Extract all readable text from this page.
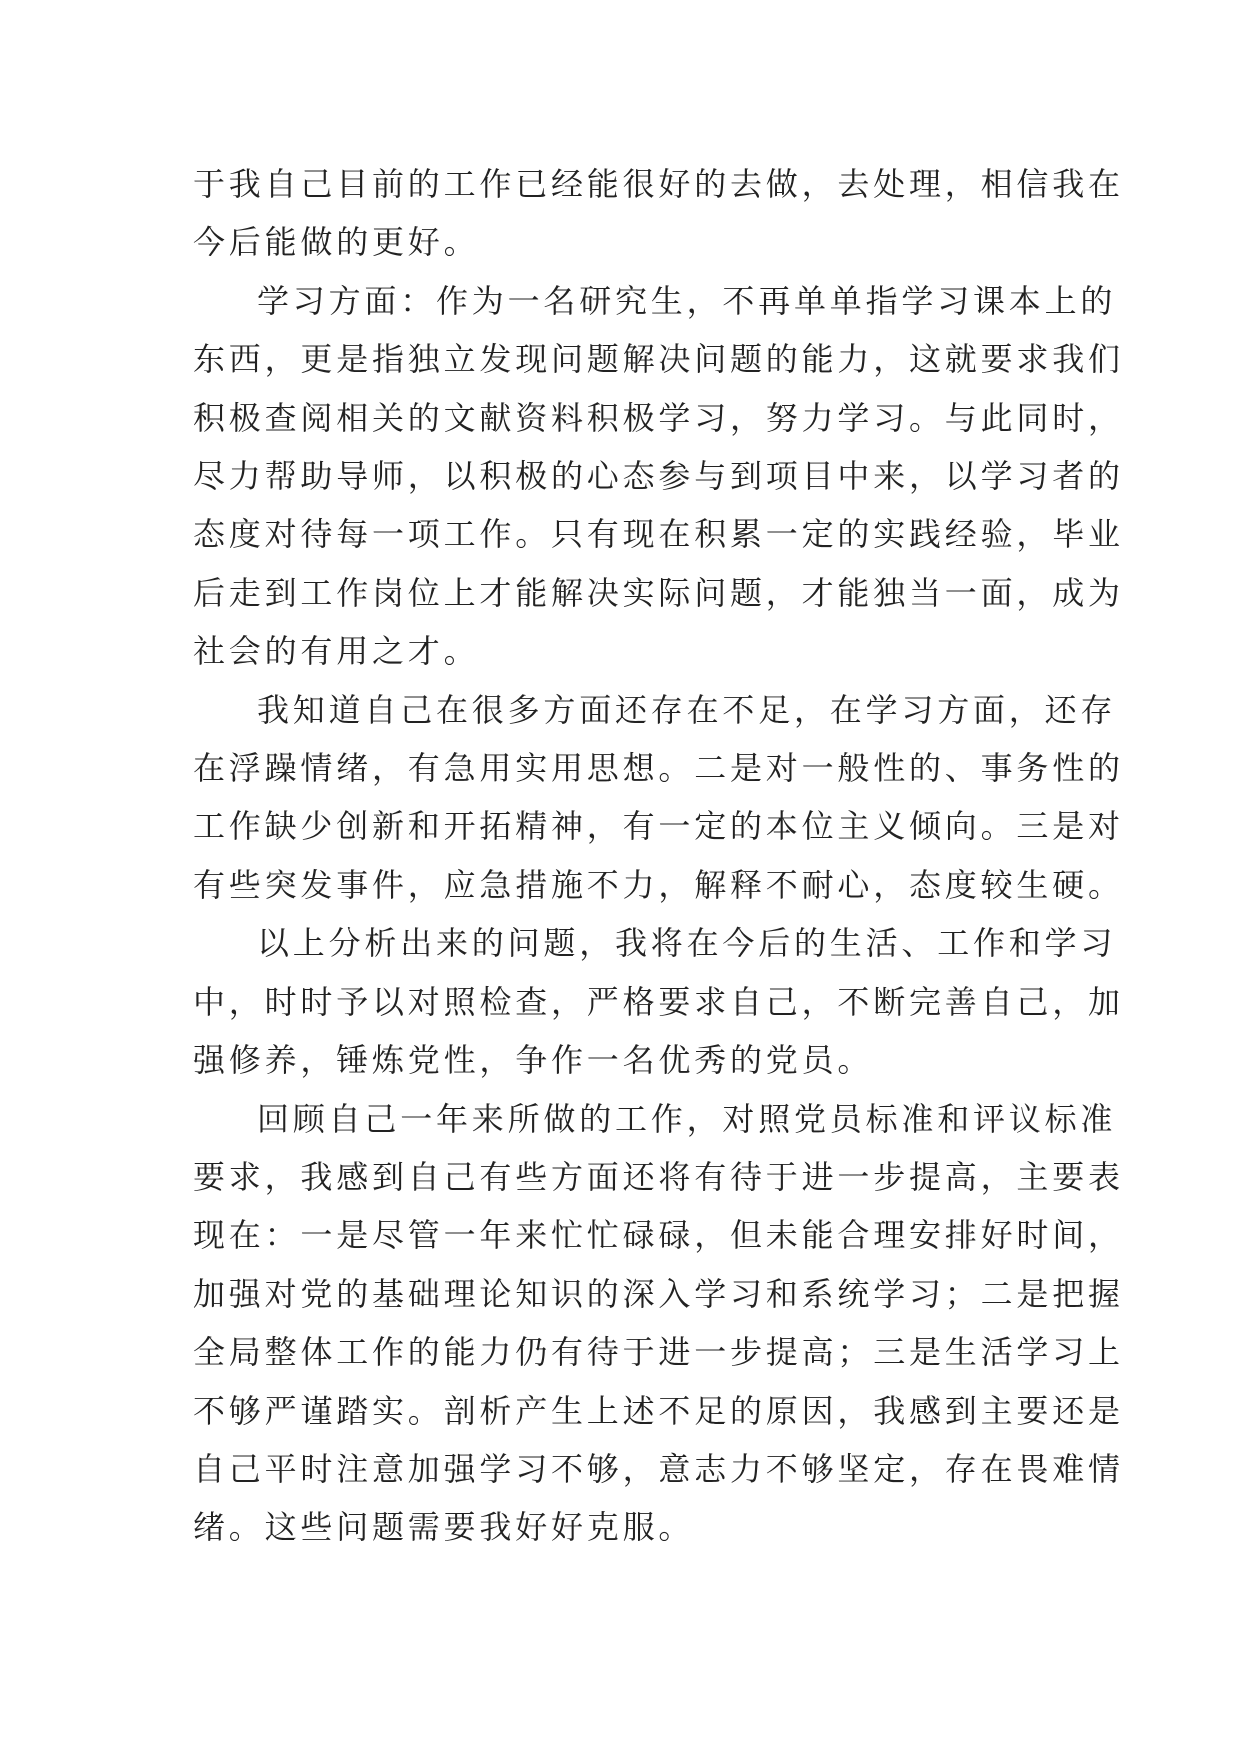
于我自己目前的工作已经能很好的去做，去处理，相信我在
今后能做的更好。

学习方面：作为一名研究生，不再单单指学习课本上的
东西，更是指独立发现问题解决问题的能力，这就要求我们
积极查阅相关的文献资料积极学习，努力学习。与此同时，
尽力帮助导师，以积极的心态参与到项目中来，以学习者的
态度对待每一项工作。只有现在积累一定的实践经验，毕业
后走到工作岗位上才能解决实际问题，才能独当一面，成为
社会的有用之才。

我知道自己在很多方面还存在不足，在学习方面，还存
在浮躁情绪，有急用实用思想。二是对一般性的、事务性的
工作缺少创新和开拓精神，有一定的本位主义倾向。三是对
有些突发事件，应急措施不力，解释不耐心，态度较生硬。

以上分析出来的问题，我将在今后的生活、工作和学习
中，时时予以对照检查，严格要求自己，不断完善自己，加
强修养，锤炼党性，争作一名优秀的党员。

回顾自己一年来所做的工作，对照党员标准和评议标准
要求，我感到自己有些方面还将有待于进一步提高，主要表
现在：一是尽管一年来忙忙碌碌，但未能合理安排好时间，
加强对党的基础理论知识的深入学习和系统学习；二是把握
全局整体工作的能力仍有待于进一步提高；三是生活学习上
不够严谨踏实。剖析产生上述不足的原因，我感到主要还是
自己平时注意加强学习不够，意志力不够坚定，存在畏难情
绪。这些问题需要我好好克服。
